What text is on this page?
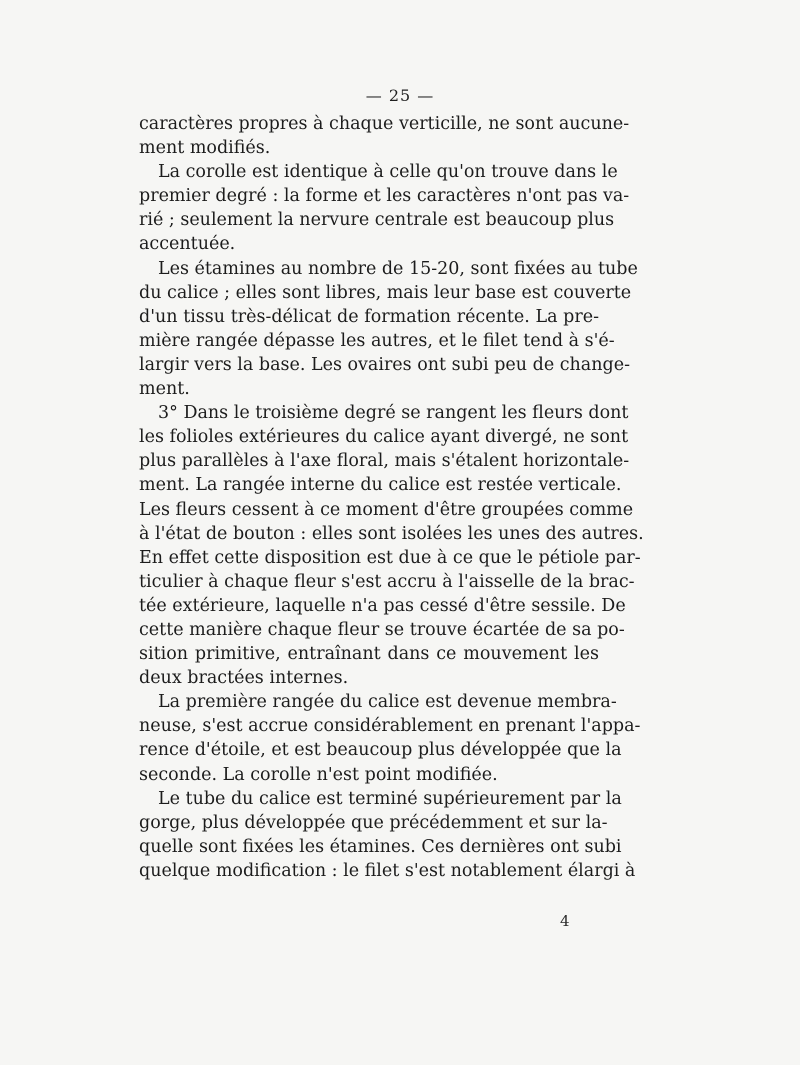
— 25 —
caractères propres à chaque verticille, ne sont aucune-
ment modifiés.
La corolle est identique à celle qu'on trouve dans le
premier degré : la forme et les caractères n'ont pas va-
rié ; seulement la nervure centrale est beaucoup plus
accentuée.
Les étamines au nombre de 15-20, sont fixées au tube
du calice ; elles sont libres, mais leur base est couverte
d'un tissu très-délicat de formation récente. La pre-
mière rangée dépasse les autres, et le filet tend à s'é-
largir vers la base. Les ovaires ont subi peu de change-
ment.
3° Dans le troisième degré se rangent les fleurs dont
les folioles extérieures du calice ayant divergé, ne sont
plus parallèles à l'axe floral, mais s'étalent horizontale-
ment. La rangée interne du calice est restée verticale.
Les fleurs cessent à ce moment d'être groupées comme
à l'état de bouton : elles sont isolées les unes des autres.
En effet cette disposition est due à ce que le pétiole par-
ticulier à chaque fleur s'est accru à l'aisselle de la brac-
tée extérieure, laquelle n'a pas cessé d'être sessile. De
cette manière chaque fleur se trouve écartée de sa po-
sition primitive, entraînant dans ce mouvement les
deux bractées internes.
La première rangée du calice est devenue membra-
neuse, s'est accrue considérablement en prenant l'appa-
rence d'étoile, et est beaucoup plus développée que la
seconde. La corolle n'est point modifiée.
Le tube du calice est terminé supérieurement par la
gorge, plus développée que précédemment et sur la-
quelle sont fixées les étamines. Ces dernières ont subi
quelque modification : le filet s'est notablement élargi à
4
